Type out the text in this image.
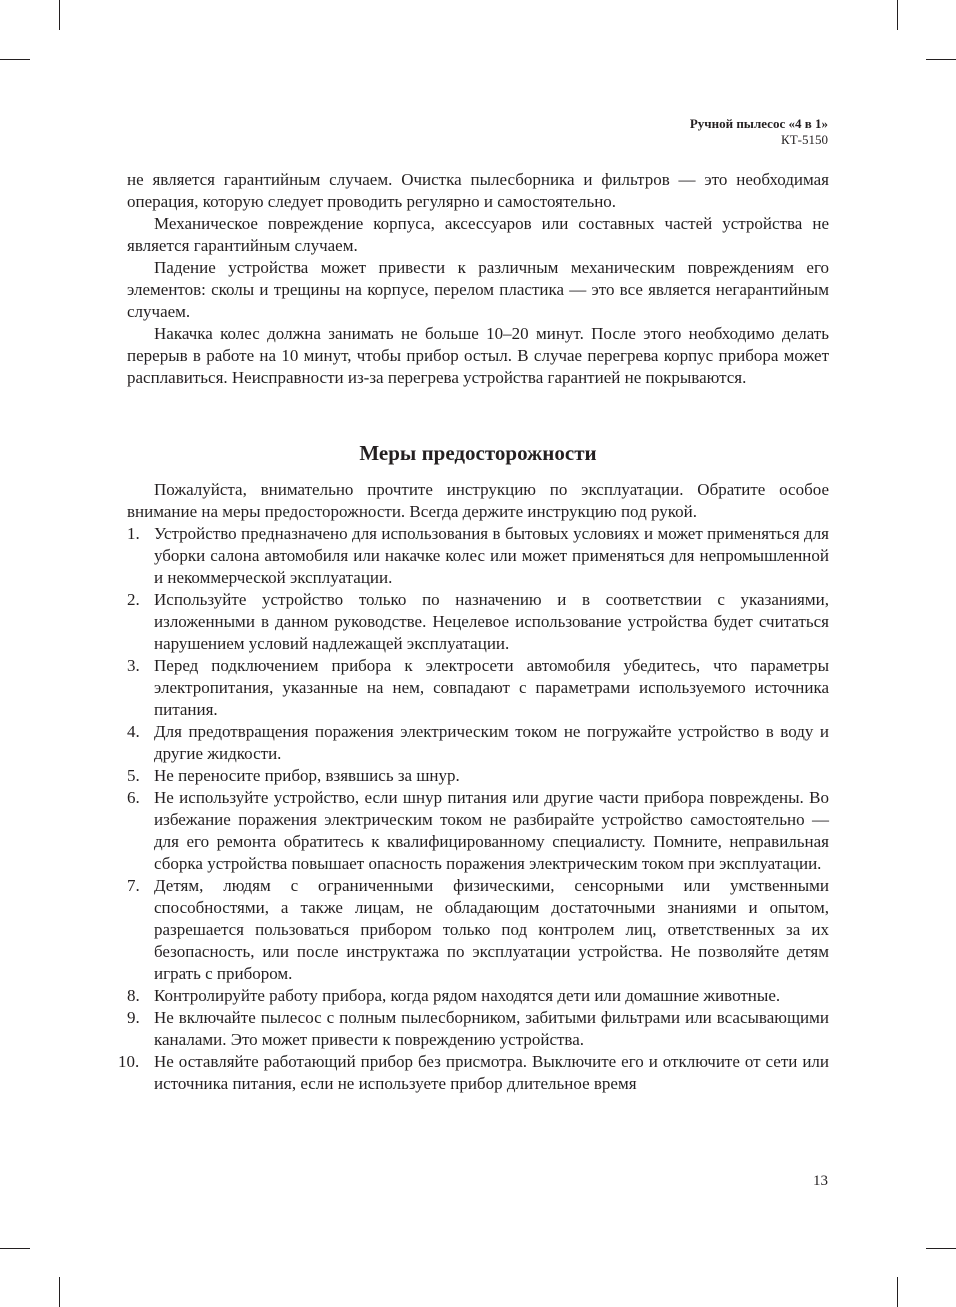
Ручной пылесос «4 в 1»
КТ-5150

не является гарантийным случаем. Очистка пылесборника и фильтров — это необходимая операция, которую следует проводить регулярно и самостоятельно.

Механическое повреждение корпуса, аксессуаров или составных частей устройства не является гарантийным случаем.

Падение устройства может привести к различным механическим повреждениям его элементов: сколы и трещины на корпусе, перелом пластика — это все является негарантийным случаем.

Накачка колес должна занимать не больше 10–20 минут. После этого необходимо делать перерыв в работе на 10 минут, чтобы прибор остыл. В случае перегрева корпус прибора может расплавиться. Неисправности из-за перегрева устройства гарантией не покрываются.

Меры предосторожности

Пожалуйста, внимательно прочтите инструкцию по эксплуатации. Обратите особое внимание на меры предосторожности. Всегда держите инструкцию под рукой.

1. Устройство предназначено для использования в бытовых условиях и может применяться для уборки салона автомобиля или накачке колес или может применяться для непромышленной и некоммерческой эксплуатации.
2. Используйте устройство только по назначению и в соответствии с указаниями, изложенными в данном руководстве. Нецелевое использование устройства будет считаться нарушением условий надлежащей эксплуатации.
3. Перед подключением прибора к электросети автомобиля убедитесь, что параметры электропитания, указанные на нем, совпадают с параметрами используемого источника питания.
4. Для предотвращения поражения электрическим током не погружайте устройство в воду и другие жидкости.
5. Не переносите прибор, взявшись за шнур.
6. Не используйте устройство, если шнур питания или другие части прибора повреждены. Во избежание поражения электрическим током не разбирайте устройство самостоятельно — для его ремонта обратитесь к квалифицированному специалисту. Помните, неправильная сборка устройства повышает опасность поражения электрическим током при эксплуатации.
7. Детям, людям с ограниченными физическими, сенсорными или умственными способностями, а также лицам, не обладающим достаточными знаниями и опытом, разрешается пользоваться прибором только под контролем лиц, ответственных за их безопасность, или после инструктажа по эксплуатации устройства. Не позволяйте детям играть с прибором.
8. Контролируйте работу прибора, когда рядом находятся дети или домашние животные.
9. Не включайте пылесос с полным пылесборником, забитыми фильтрами или всасывающими каналами. Это может привести к повреждению устройства.
10. Не оставляйте работающий прибор без присмотра. Выключите его и отключите от сети или источника питания, если не используете прибор длительное время
13
